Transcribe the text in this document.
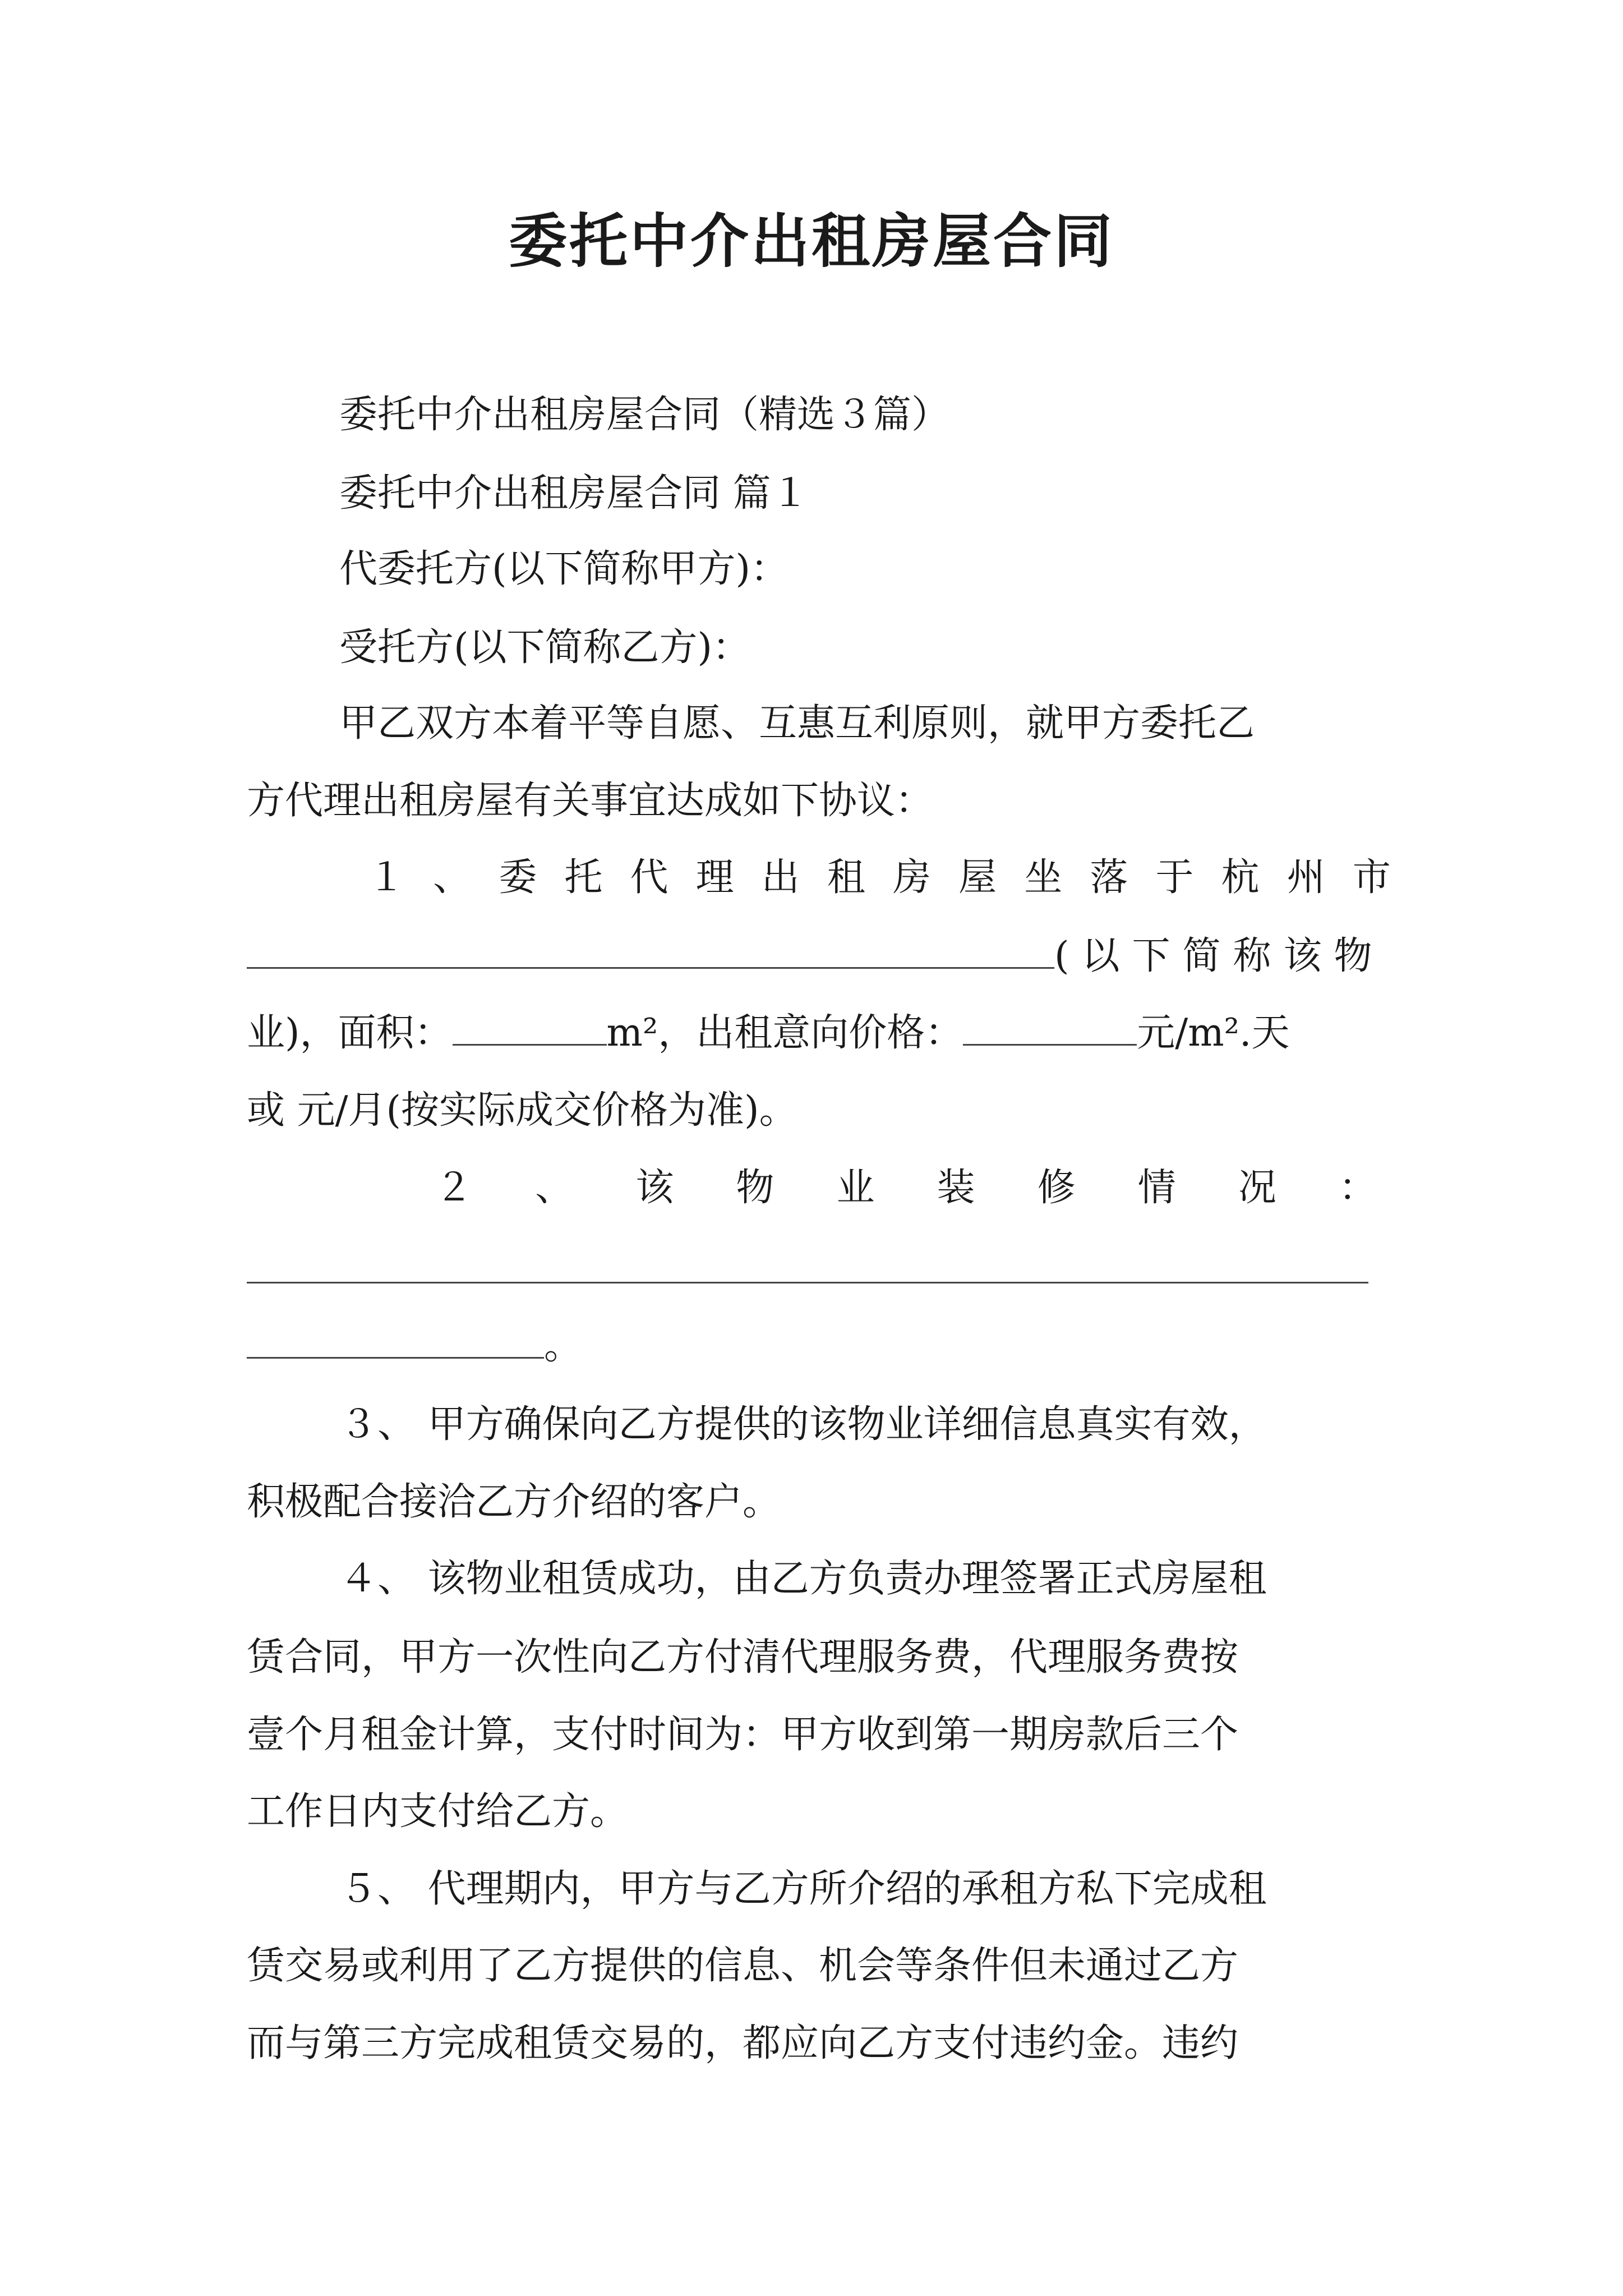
委托中介出租房屋合同
委托中介出租房屋合同（精选３篇）
委托中介出租房屋合同 篇１
代委托方(以下简称甲方)：
受托方(以下简称乙方)：
甲乙双方本着平等自愿、互惠互利原则，就甲方委托乙
方代理出租房屋有关事宜达成如下协议：
１ 、 委 托 代 理 出 租 房 屋 坐 落 于 杭 州 市
(以下简称该物
业)，面积：	m²，出租意向价格：	元/m².天
或 元/月(按实际成交价格为准)。
２ 、 该 物 业 装 修 情 况 ：
。
３、 甲方确保向乙方提供的该物业详细信息真实有效，
积极配合接洽乙方介绍的客户。
４、 该物业租赁成功，由乙方负责办理签署正式房屋租
赁合同，甲方一次性向乙方付清代理服务费，代理服务费按
壹个月租金计算，支付时间为：甲方收到第一期房款后三个
工作日内支付给乙方。
５、 代理期内，甲方与乙方所介绍的承租方私下完成租
赁交易或利用了乙方提供的信息、机会等条件但未通过乙方
而与第三方完成租赁交易的，都应向乙方支付违约金。违约
